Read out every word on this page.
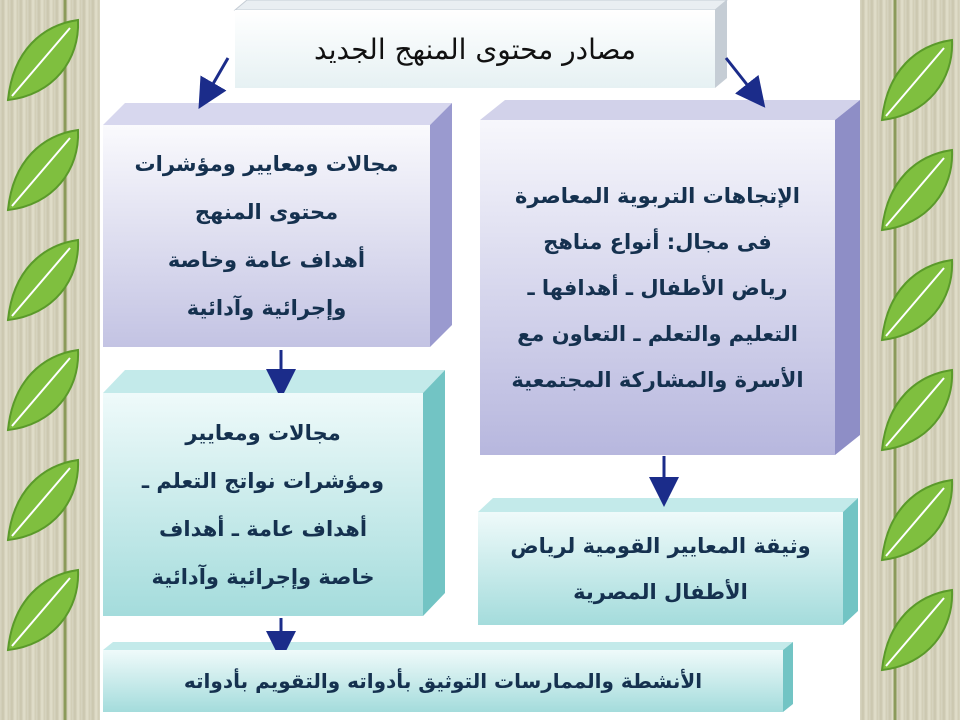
مصادر محتوى المنهج الجديد
الإتجاهات التربوية المعاصرة
فى مجال: أنواع مناهج
رياض الأطفال ـ أهدافها ـ
التعليم والتعلم ـ التعاون مع
الأسرة والمشاركة المجتمعية
مجالات ومعايير ومؤشرات
محتوى المنهج
أهداف عامة وخاصة
وإجرائية وآدائية
مجالات ومعايير
ومؤشرات نواتج التعلم ـ
أهداف عامة ـ أهداف
خاصة وإجرائية وآدائية
وثيقة المعايير القومية لرياض
الأطفال المصرية
الأنشطة والممارسات التوثيق بأدواته والتقويم بأدواته
